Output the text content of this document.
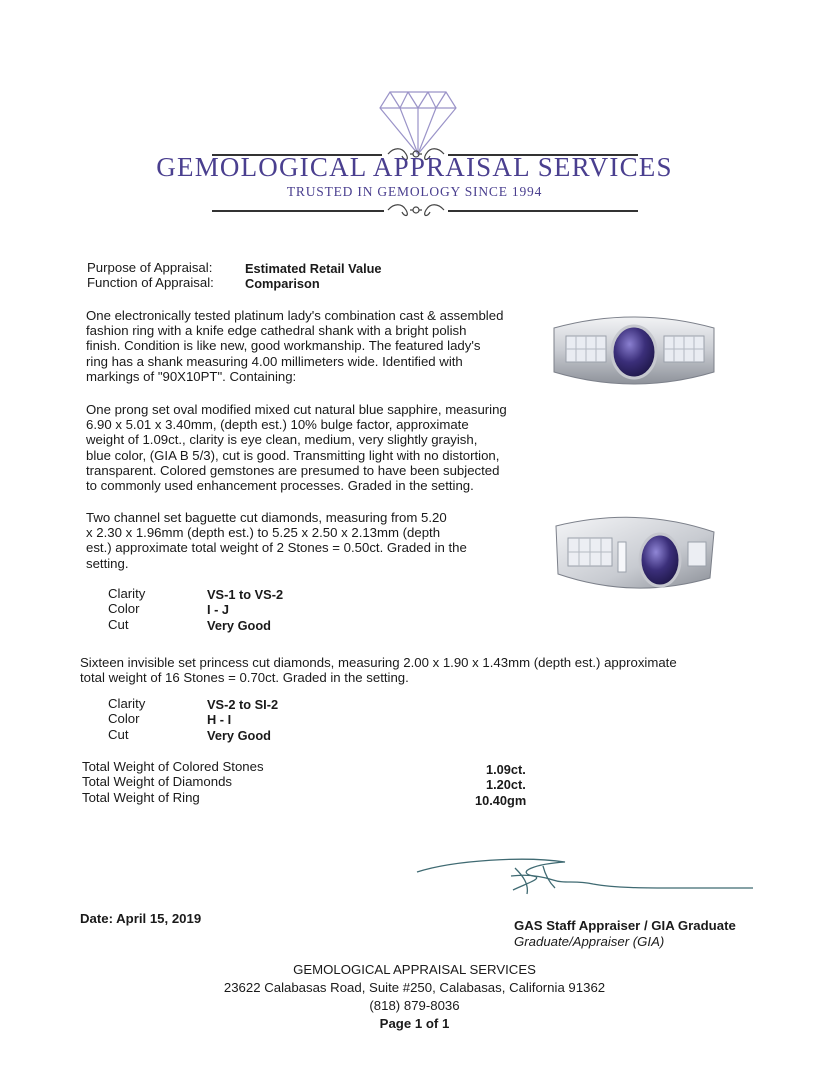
GEMOLOGICAL APPRAISAL SERVICES
TRUSTED IN GEMOLOGY SINCE 1994
Purpose of Appraisal:	Estimated Retail Value
Function of Appraisal: Comparison
One electronically tested platinum lady's combination cast & assembled
fashion ring with a knife edge cathedral shank with a bright polish
finish. Condition is like new, good workmanship. The featured lady's
ring has a shank measuring 4.00 millimeters wide. Identified with
markings of "90X10PT". Containing:
One prong set oval modified mixed cut natural blue sapphire, measuring
6.90 x 5.01 x 3.40mm, (depth est.) 10% bulge factor, approximate
weight of 1.09ct., clarity is eye clean, medium, very slightly grayish,
blue color, (GIA B 5/3), cut is good. Transmitting light with no distortion,
transparent. Colored gemstones are presumed to have been subjected
to commonly used enhancement processes. Graded in the setting.
Two channel set baguette cut diamonds, measuring from 5.20
x 2.30 x 1.96mm (depth est.) to 5.25 x 2.50 x 2.13mm (depth
est.) approximate total weight of 2 Stones = 0.50ct. Graded in the
setting.
Clarity	VS-1 to VS-2
Color	I - J
Cut	Very Good
Sixteen invisible set princess cut diamonds, measuring 2.00 x 1.90 x 1.43mm (depth est.) approximate
total weight of 16 Stones = 0.70ct. Graded in the setting.
Clarity	VS-2 to SI-2
Color	H - I
Cut	Very Good
Total Weight of Colored Stones	1.09ct.
Total Weight of Diamonds	1.20ct.
Total Weight of Ring	10.40gm
Date: April 15, 2019	GAS Staff Appraiser / GIA Graduate
Graduate/Appraiser (GIA)
GEMOLOGICAL APPRAISAL SERVICES
23622 Calabasas Road, Suite #250, Calabasas, California 91362
(818) 879-8036
Page 1 of 1
